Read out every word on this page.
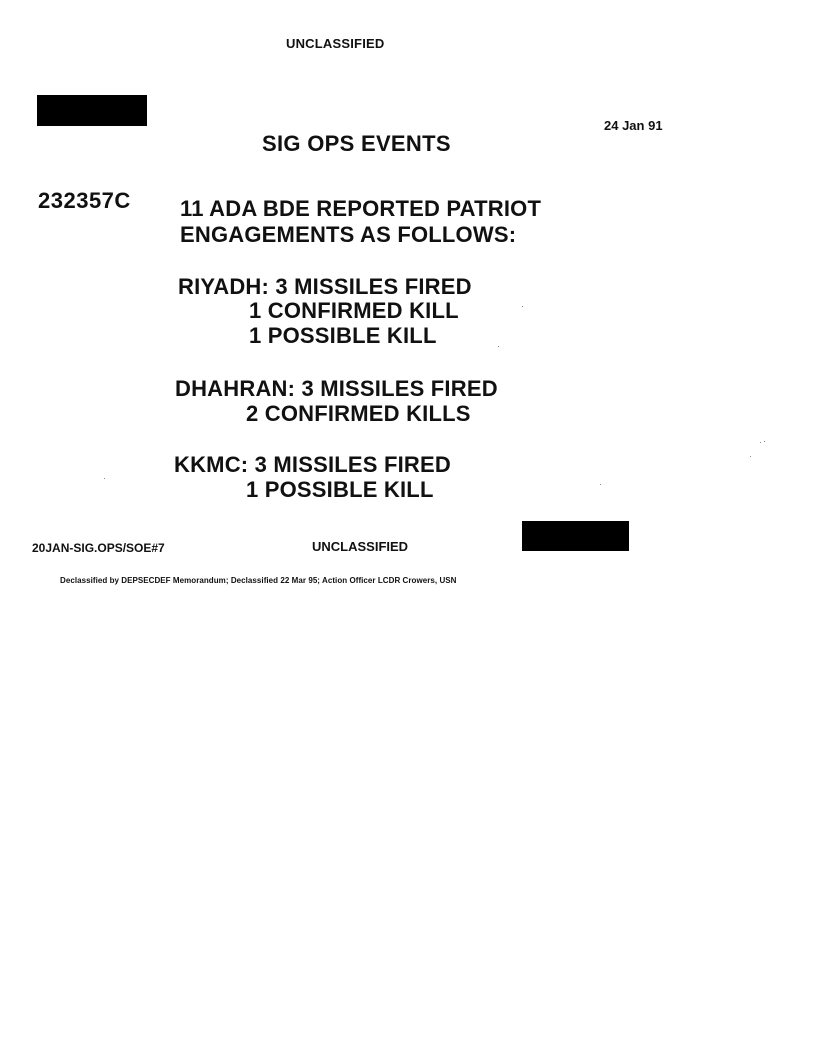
UNCLASSIFIED
24 Jan 91
SIG OPS EVENTS
232357C 11 ADA BDE REPORTED PATRIOT
ENGAGEMENTS AS FOLLOWS:
RIYADH: 3 MISSILES FIRED
1 CONFIRMED KILL
1 POSSIBLE KILL
DHAHRAN: 3 MISSILES FIRED
2 CONFIRMED KILLS
KKMC: 3 MISSILES FIRED
1 POSSIBLE KILL
20JAN-SIG.OPS/SOE#7	UNCLASSIFIED
Declassified by DEPSECDEF Memorandum; Declassified 22 Mar 95; Action Officer LCDR Crowers, USN
